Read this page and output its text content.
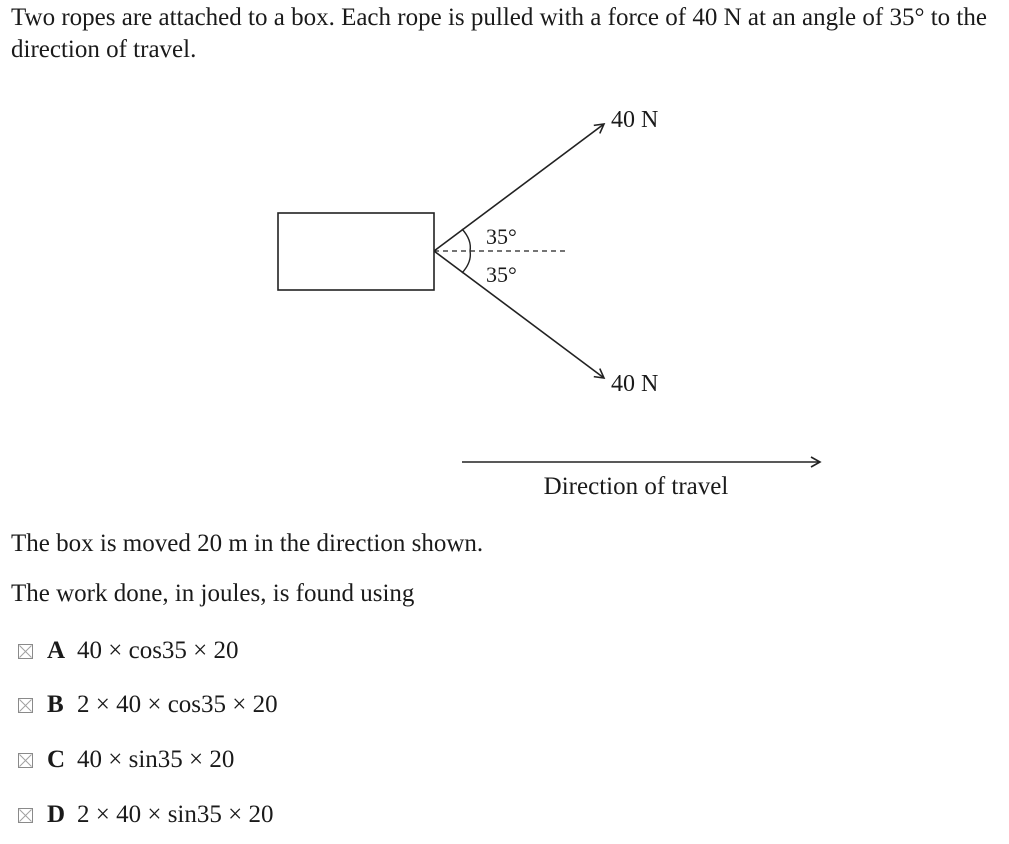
Two ropes are attached to a box. Each rope is pulled with a force of 40 N at an angle of 35° to the direction of travel.

40 N
40 N
35°
35°
Direction of travel

The box is moved 20 m in the direction shown.

The work done, in joules, is found using

A 40 × cos35 × 20
B 2 × 40 × cos35 × 20
C 40 × sin35 × 20
D 2 × 40 × sin35 × 20
